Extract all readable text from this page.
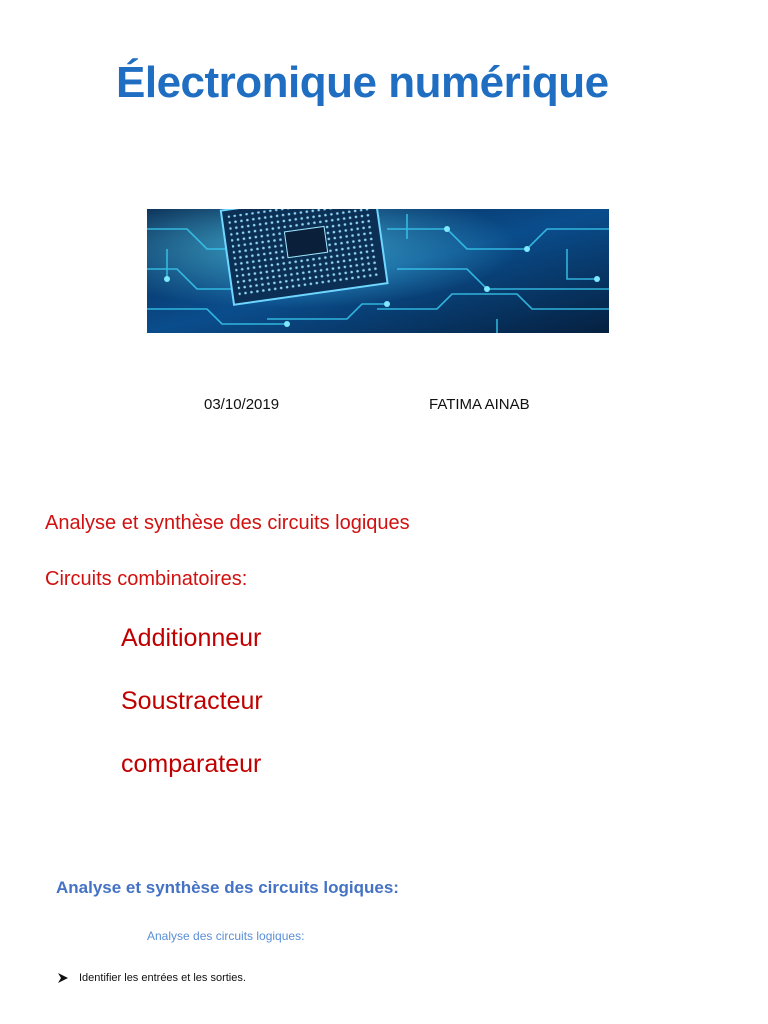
Électronique numérique

03/10/2019	FATIMA AINAB

Analyse et synthèse des circuits logiques

Circuits combinatoires:

Additionneur

Soustracteur

comparateur

Analyse et synthèse des circuits logiques:

Analyse des circuits logiques:

Identifier les entrées et les sorties.
